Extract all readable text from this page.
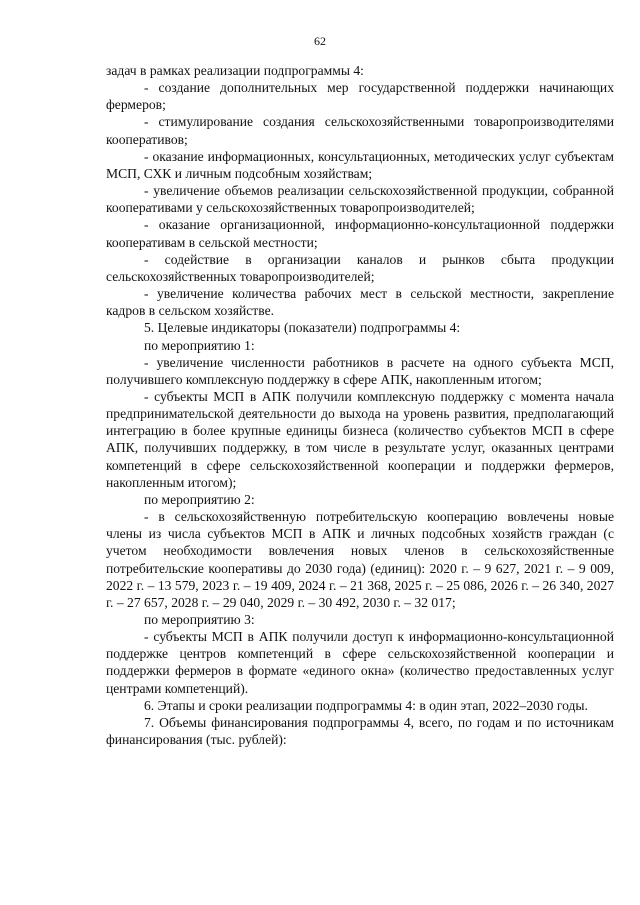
62

задач в рамках реализации подпрограммы 4:

- создание дополнительных мер государственной поддержки начинающих фермеров;

- стимулирование создания сельскохозяйственными товаропроизводителями кооперативов;

- оказание информационных, консультационных, методических услуг субъектам МСП, СХК и личным подсобным хозяйствам;

- увеличение объемов реализации сельскохозяйственной продукции, собранной кооперативами у сельскохозяйственных товаропроизводителей;

- оказание организационной, информационно-консультационной поддержки кооперативам в сельской местности;

- содействие в организации каналов и рынков сбыта продукции сельскохозяйственных товаропроизводителей;

- увеличение количества рабочих мест в сельской местности, закрепление кадров в сельском хозяйстве.

5. Целевые индикаторы (показатели) подпрограммы 4:

по мероприятию 1:

- увеличение численности работников в расчете на одного субъекта МСП, получившего комплексную поддержку в сфере АПК, накопленным итогом;

- субъекты МСП в АПК получили комплексную поддержку с момента начала предпринимательской деятельности до выхода на уровень развития, предполагающий интеграцию в более крупные единицы бизнеса (количество субъектов МСП в сфере АПК, получивших поддержку, в том числе в результате услуг, оказанных центрами компетенций в сфере сельскохозяйственной кооперации и поддержки фермеров, накопленным итогом);

по мероприятию 2:

- в сельскохозяйственную потребительскую кооперацию вовлечены новые члены из числа субъектов МСП в АПК и личных подсобных хозяйств граждан (с учетом необходимости вовлечения новых членов в сельскохозяйственные потребительские кооперативы до 2030 года) (единиц): 2020 г. – 9 627, 2021 г. – 9 009, 2022 г. – 13 579, 2023 г. – 19 409, 2024 г. – 21 368, 2025 г. – 25 086, 2026 г. – 26 340, 2027 г. – 27 657, 2028 г. – 29 040, 2029 г. – 30 492, 2030 г. – 32 017;

по мероприятию 3:

- субъекты МСП в АПК получили доступ к информационно-консультационной поддержке центров компетенций в сфере сельскохозяйственной кооперации и поддержки фермеров в формате «единого окна» (количество предоставленных услуг центрами компетенций).

6. Этапы и сроки реализации подпрограммы 4: в один этап, 2022–2030 годы.

7. Объемы финансирования подпрограммы 4, всего, по годам и по источникам финансирования (тыс. рублей):
